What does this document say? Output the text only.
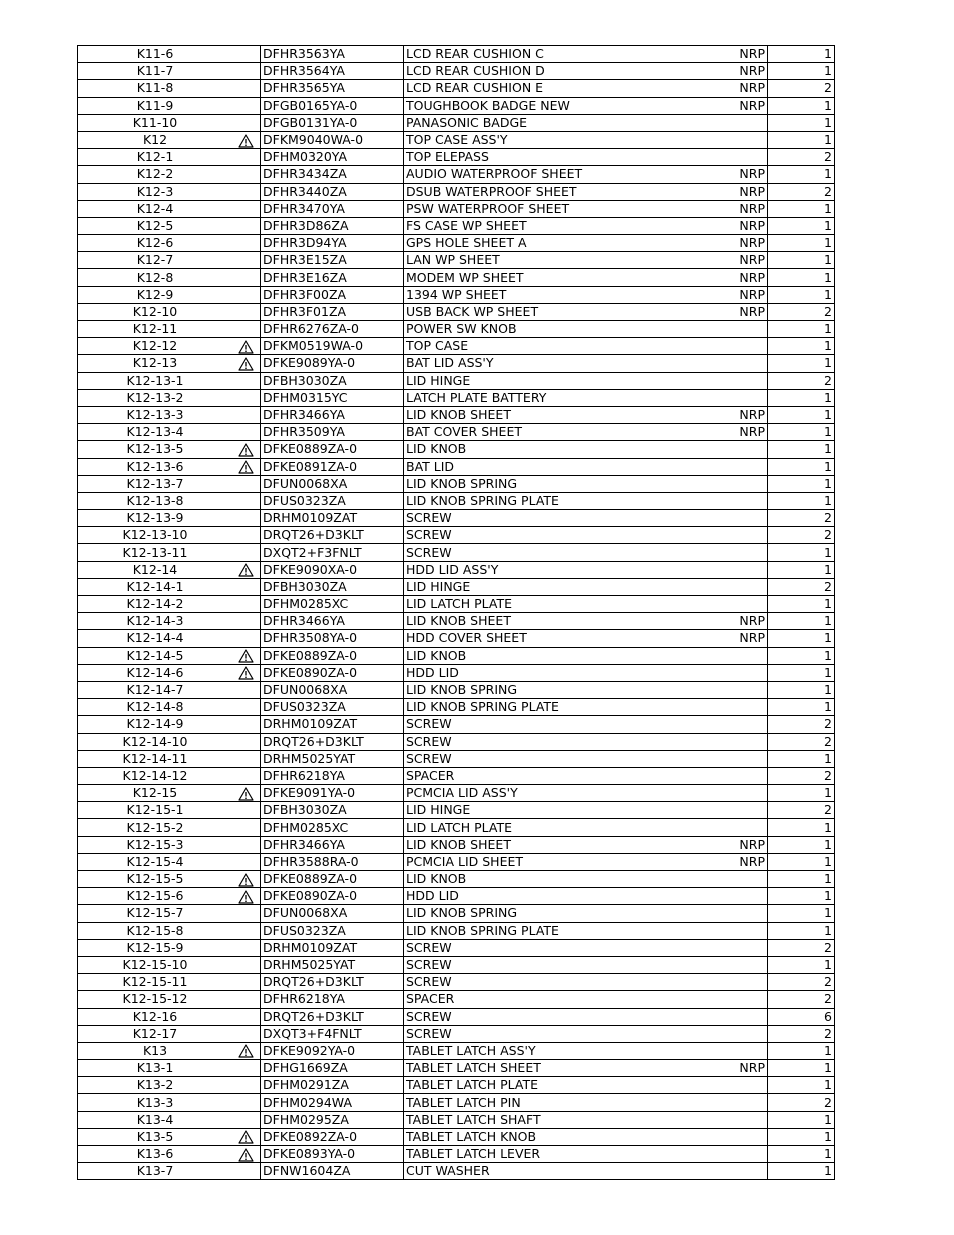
K11-6		DFHR3563YA	LCD REAR CUSHION C	NRP	1
K11-7		DFHR3564YA	LCD REAR CUSHION D	NRP	1
K11-8		DFHR3565YA	LCD REAR CUSHION E	NRP	2
K11-9		DFGB0165YA-0	TOUGHBOOK BADGE NEW	NRP	1
K11-10		DFGB0131YA-0	PANASONIC BADGE		1
K12		DFKM9040WA-0	TOP CASE ASS'Y		1
K12-1		DFHM0320YA	TOP ELEPASS		2
K12-2		DFHR3434ZA	AUDIO WATERPROOF SHEET	NRP	1
K12-3		DFHR3440ZA	DSUB WATERPROOF SHEET	NRP	2
K12-4		DFHR3470YA	PSW WATERPROOF SHEET	NRP	1
K12-5		DFHR3D86ZA	FS CASE WP SHEET	NRP	1
K12-6		DFHR3D94YA	GPS HOLE SHEET A	NRP	1
K12-7		DFHR3E15ZA	LAN WP SHEET	NRP	1
K12-8		DFHR3E16ZA	MODEM WP SHEET	NRP	1
K12-9		DFHR3F00ZA	1394 WP SHEET	NRP	1
K12-10		DFHR3F01ZA	USB BACK WP SHEET	NRP	2
K12-11		DFHR6276ZA-0	POWER SW KNOB		1
K12-12		DFKM0519WA-0	TOP CASE		1
K12-13		DFKE9089YA-0	BAT LID ASS'Y		1
K12-13-1		DFBH3030ZA	LID HINGE		2
K12-13-2		DFHM0315YC	LATCH PLATE BATTERY		1
K12-13-3		DFHR3466YA	LID KNOB SHEET	NRP	1
K12-13-4		DFHR3509YA	BAT COVER SHEET	NRP	1
K12-13-5		DFKE0889ZA-0	LID KNOB		1
K12-13-6		DFKE0891ZA-0	BAT LID		1
K12-13-7		DFUN0068XA	LID KNOB SPRING		1
K12-13-8		DFUS0323ZA	LID KNOB SPRING PLATE		1
K12-13-9		DRHM0109ZAT	SCREW		2
K12-13-10		DRQT26+D3KLT	SCREW		2
K12-13-11		DXQT2+F3FNLT	SCREW		1
K12-14		DFKE9090XA-0	HDD LID ASS'Y		1
K12-14-1		DFBH3030ZA	LID HINGE		2
K12-14-2		DFHM0285XC	LID LATCH PLATE		1
K12-14-3		DFHR3466YA	LID KNOB SHEET	NRP	1
K12-14-4		DFHR3508YA-0	HDD COVER SHEET	NRP	1
K12-14-5		DFKE0889ZA-0	LID KNOB		1
K12-14-6		DFKE0890ZA-0	HDD LID		1
K12-14-7		DFUN0068XA	LID KNOB SPRING		1
K12-14-8		DFUS0323ZA	LID KNOB SPRING PLATE		1
K12-14-9		DRHM0109ZAT	SCREW		2
K12-14-10		DRQT26+D3KLT	SCREW		2
K12-14-11		DRHM5025YAT	SCREW		1
K12-14-12		DFHR6218YA	SPACER		2
K12-15		DFKE9091YA-0	PCMCIA LID ASS'Y		1
K12-15-1		DFBH3030ZA	LID HINGE		2
K12-15-2		DFHM0285XC	LID LATCH PLATE		1
K12-15-3		DFHR3466YA	LID KNOB SHEET	NRP	1
K12-15-4		DFHR3588RA-0	PCMCIA LID SHEET	NRP	1
K12-15-5		DFKE0889ZA-0	LID KNOB		1
K12-15-6		DFKE0890ZA-0	HDD LID		1
K12-15-7		DFUN0068XA	LID KNOB SPRING		1
K12-15-8		DFUS0323ZA	LID KNOB SPRING PLATE		1
K12-15-9		DRHM0109ZAT	SCREW		2
K12-15-10		DRHM5025YAT	SCREW		1
K12-15-11		DRQT26+D3KLT	SCREW		2
K12-15-12		DFHR6218YA	SPACER		2
K12-16		DRQT26+D3KLT	SCREW		6
K12-17		DXQT3+F4FNLT	SCREW		2
K13		DFKE9092YA-0	TABLET LATCH ASS'Y		1
K13-1		DFHG1669ZA	TABLET LATCH SHEET	NRP	1
K13-2		DFHM0291ZA	TABLET LATCH PLATE		1
K13-3		DFHM0294WA	TABLET LATCH PIN		2
K13-4		DFHM0295ZA	TABLET LATCH SHAFT		1
K13-5		DFKE0892ZA-0	TABLET LATCH KNOB		1
K13-6		DFKE0893YA-0	TABLET LATCH LEVER		1
K13-7		DFNW1604ZA	CUT WASHER		1
